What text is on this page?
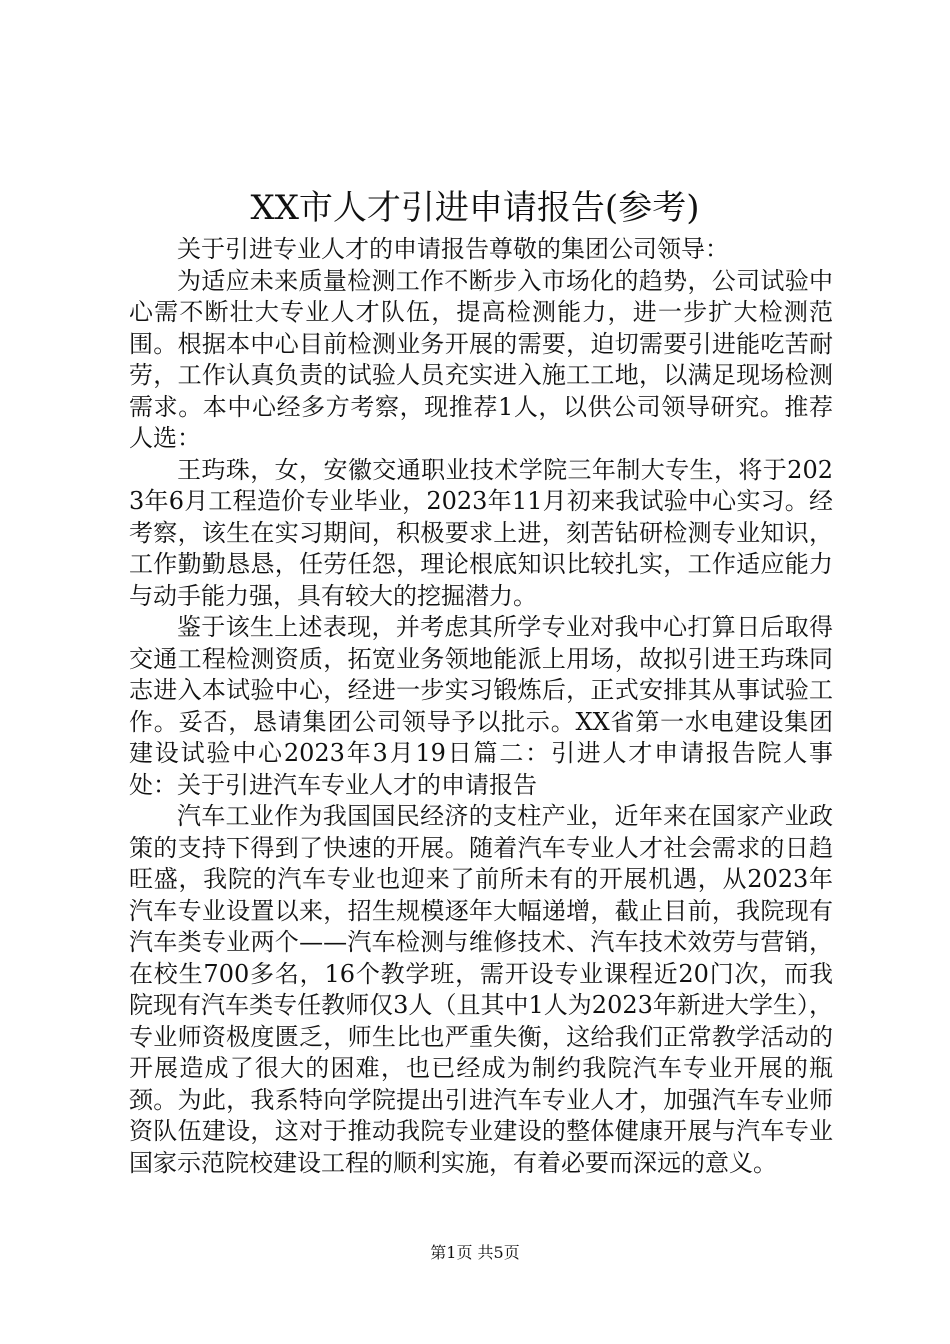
XX市人才引进申请报告(参考)

关于引进专业人才的申请报告尊敬的集团公司领导：

为适应未来质量检测工作不断步入市场化的趋势，公司试验中心需不断壮大专业人才队伍，提高检测能力，进一步扩大检测范围。根据本中心目前检测业务开展的需要，迫切需要引进能吃苦耐劳，工作认真负责的试验人员充实进入施工工地，以满足现场检测需求。本中心经多方考察，现推荐1人，以供公司领导研究。推荐人选：

王玙珠，女，安徽交通职业技术学院三年制大专生，将于2023年6月工程造价专业毕业，2023年11月初来我试验中心实习。经考察，该生在实习期间，积极要求上进，刻苦钻研检测专业知识，工作勤勤恳恳，任劳任怨，理论根底知识比较扎实，工作适应能力与动手能力强，具有较大的挖掘潜力。

鉴于该生上述表现，并考虑其所学专业对我中心打算日后取得交通工程检测资质，拓宽业务领地能派上用场，故拟引进王玙珠同志进入本试验中心，经进一步实习锻炼后，正式安排其从事试验工作。妥否，恳请集团公司领导予以批示。XX省第一水电建设集团建设试验中心2023年3月19日篇二：引进人才申请报告院人事处：关于引进汽车专业人才的申请报告

汽车工业作为我国国民经济的支柱产业，近年来在国家产业政策的支持下得到了快速的开展。随着汽车专业人才社会需求的日趋旺盛，我院的汽车专业也迎来了前所未有的开展机遇，从2023年汽车专业设置以来，招生规模逐年大幅递增，截止目前，我院现有汽车类专业两个——汽车检测与维修技术、汽车技术效劳与营销，在校生700多名，16个教学班，需开设专业课程近20门次，而我院现有汽车类专任教师仅3人（且其中1人为2023年新进大学生），专业师资极度匮乏，师生比也严重失衡，这给我们正常教学活动的开展造成了很大的困难，也已经成为制约我院汽车专业开展的瓶颈。为此，我系特向学院提出引进汽车专业人才，加强汽车专业师资队伍建设，这对于推动我院专业建设的整体健康开展与汽车专业国家示范院校建设工程的顺利实施，有着必要而深远的意义。

第1页 共5页
